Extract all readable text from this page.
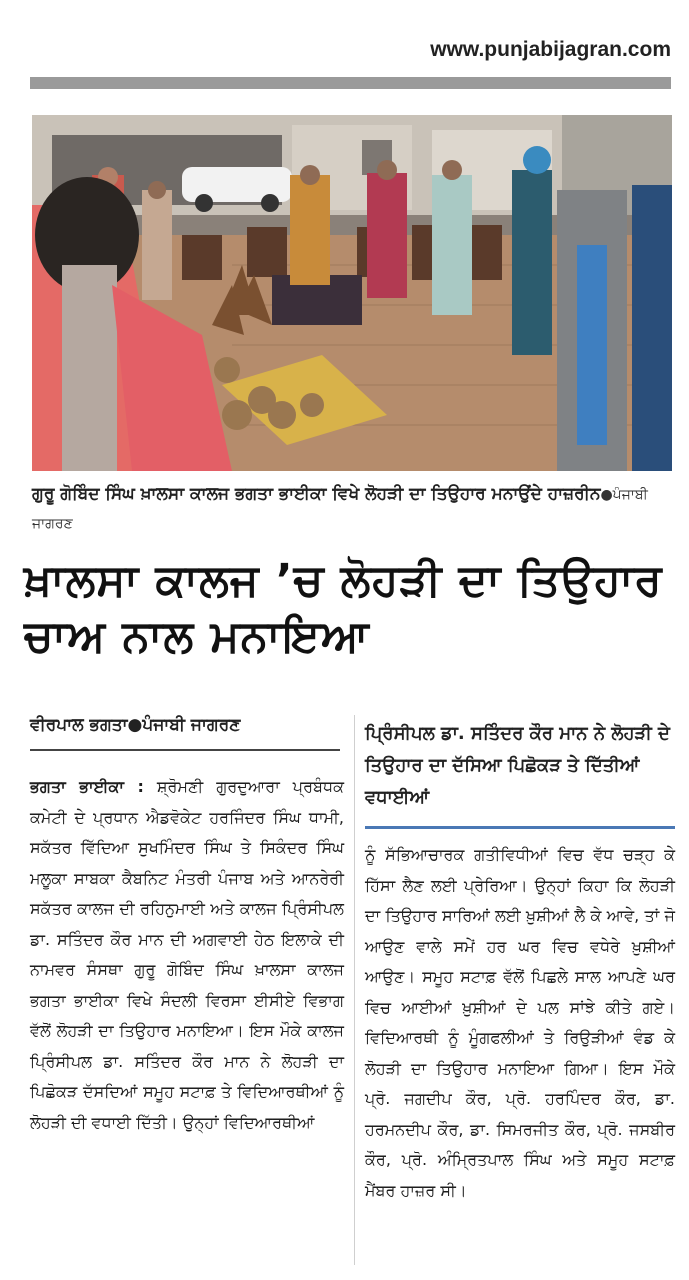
www.punjabijagran.com
ਗੁਰੂ ਗੋਬਿੰਦ ਸਿੰਘ ਖ਼ਾਲਸਾ ਕਾਲਜ ਭਗਤਾ ਭਾਈਕਾ ਵਿਖੇ ਲੋਹੜੀ ਦਾ ਤਿਉਹਾਰ ਮਨਾਉਂਦੇ ਹਾਜ਼ਰੀਨ●ਪੰਜਾਬੀ ਜਾਗਰਣ
ਖ਼ਾਲਸਾ ਕਾਲਜ ’ਚ ਲੋਹੜੀ ਦਾ ਤਿਉਹਾਰ ਚਾਅ ਨਾਲ ਮਨਾਇਆ
ਵੀਰਪਾਲ ਭਗਤਾ●ਪੰਜਾਬੀ ਜਾਗਰਣ
ਭਗਤਾ ਭਾਈਕਾ : ਸ਼੍ਰੋਮਣੀ ਗੁਰਦੁਆਰਾ ਪ੍ਰਬੰਧਕ ਕਮੇਟੀ ਦੇ ਪ੍ਰਧਾਨ ਐਡਵੋਕੇਟ ਹਰਜਿੰਦਰ ਸਿੰਘ ਧਾਮੀ, ਸਕੱਤਰ ਵਿੱਦਿਆ ਸੁਖਮਿੰਦਰ ਸਿੰਘ ਤੇ ਸਿਕੰਦਰ ਸਿੰਘ ਮਲੂਕਾ ਸਾਬਕਾ ਕੈਬਨਿਟ ਮੰਤਰੀ ਪੰਜਾਬ ਅਤੇ ਆਨਰੇਰੀ ਸਕੱਤਰ ਕਾਲਜ ਦੀ ਰਹਿਨੁਮਾਈ ਅਤੇ ਕਾਲਜ ਪ੍ਰਿੰਸੀਪਲ ਡਾ. ਸਤਿੰਦਰ ਕੌਰ ਮਾਨ ਦੀ ਅਗਵਾਈ ਹੇਠ ਇਲਾਕੇ ਦੀ ਨਾਮਵਰ ਸੰਸਥਾ ਗੁਰੂ ਗੋਬਿੰਦ ਸਿੰਘ ਖ਼ਾਲਸਾ ਕਾਲਜ ਭਗਤਾ ਭਾਈਕਾ ਵਿਖੇ ਸੰਦਲੀ ਵਿਰਸਾ ਈਸੀਏ ਵਿਭਾਗ ਵੱਲੋਂ ਲੋਹੜੀ ਦਾ ਤਿਉਹਾਰ ਮਨਾਇਆ। ਇਸ ਮੌਕੇ ਕਾਲਜ ਪ੍ਰਿੰਸੀਪਲ ਡਾ. ਸਤਿੰਦਰ ਕੌਰ ਮਾਨ ਨੇ ਲੋਹੜੀ ਦਾ ਪਿਛੋਕੜ ਦੱਸਦਿਆਂ ਸਮੂਹ ਸਟਾਫ਼ ਤੇ ਵਿਦਿਆਰਥੀਆਂ ਨੂੰ ਲੋਹੜੀ ਦੀ ਵਧਾਈ ਦਿੱਤੀ। ਉਨ੍ਹਾਂ ਵਿਦਿਆਰਥੀਆਂ
ਪ੍ਰਿੰਸੀਪਲ ਡਾ. ਸਤਿੰਦਰ ਕੌਰ ਮਾਨ ਨੇ ਲੋਹੜੀ ਦੇ ਤਿਉਹਾਰ ਦਾ ਦੱਸਿਆ ਪਿਛੋਕੜ ਤੇ ਦਿੱਤੀਆਂ ਵਧਾਈਆਂ
ਨੂੰ ਸੱਭਿਆਚਾਰਕ ਗਤੀਵਿਧੀਆਂ ਵਿਚ ਵੱਧ ਚੜ੍ਹ ਕੇ ਹਿੱਸਾ ਲੈਣ ਲਈ ਪ੍ਰੇਰਿਆ। ਉਨ੍ਹਾਂ ਕਿਹਾ ਕਿ ਲੋਹੜੀ ਦਾ ਤਿਉਹਾਰ ਸਾਰਿਆਂ ਲਈ ਖ਼ੁਸ਼ੀਆਂ ਲੈ ਕੇ ਆਵੇ, ਤਾਂ ਜੋ ਆਉਣ ਵਾਲੇ ਸਮੇਂ ਹਰ ਘਰ ਵਿਚ ਵਧੇਰੇ ਖ਼ੁਸ਼ੀਆਂ ਆਉਣ। ਸਮੂਹ ਸਟਾਫ਼ ਵੱਲੋਂ ਪਿਛਲੇ ਸਾਲ ਆਪਣੇ ਘਰ ਵਿਚ ਆਈਆਂ ਖ਼ੁਸ਼ੀਆਂ ਦੇ ਪਲ ਸਾਂਝੇ ਕੀਤੇ ਗਏ। ਵਿਦਿਆਰਥੀ ਨੂੰ ਮੂੰਗਫਲੀਆਂ ਤੇ ਰਿਉੜੀਆਂ ਵੰਡ ਕੇ ਲੋਹੜੀ ਦਾ ਤਿਉਹਾਰ ਮਨਾਇਆ ਗਿਆ। ਇਸ ਮੌਕੇ ਪ੍ਰੋ. ਜਗਦੀਪ ਕੌਰ, ਪ੍ਰੋ. ਹਰਪਿੰਦਰ ਕੌਰ, ਡਾ. ਹਰਮਨਦੀਪ ਕੌਰ, ਡਾ. ਸਿਮਰਜੀਤ ਕੌਰ, ਪ੍ਰੋ. ਜਸਬੀਰ ਕੌਰ, ਪ੍ਰੋ. ਅੰਮ੍ਰਿਤਪਾਲ ਸਿੰਘ ਅਤੇ ਸਮੂਹ ਸਟਾਫ਼ ਮੈਂਬਰ ਹਾਜ਼ਰ ਸੀ।
